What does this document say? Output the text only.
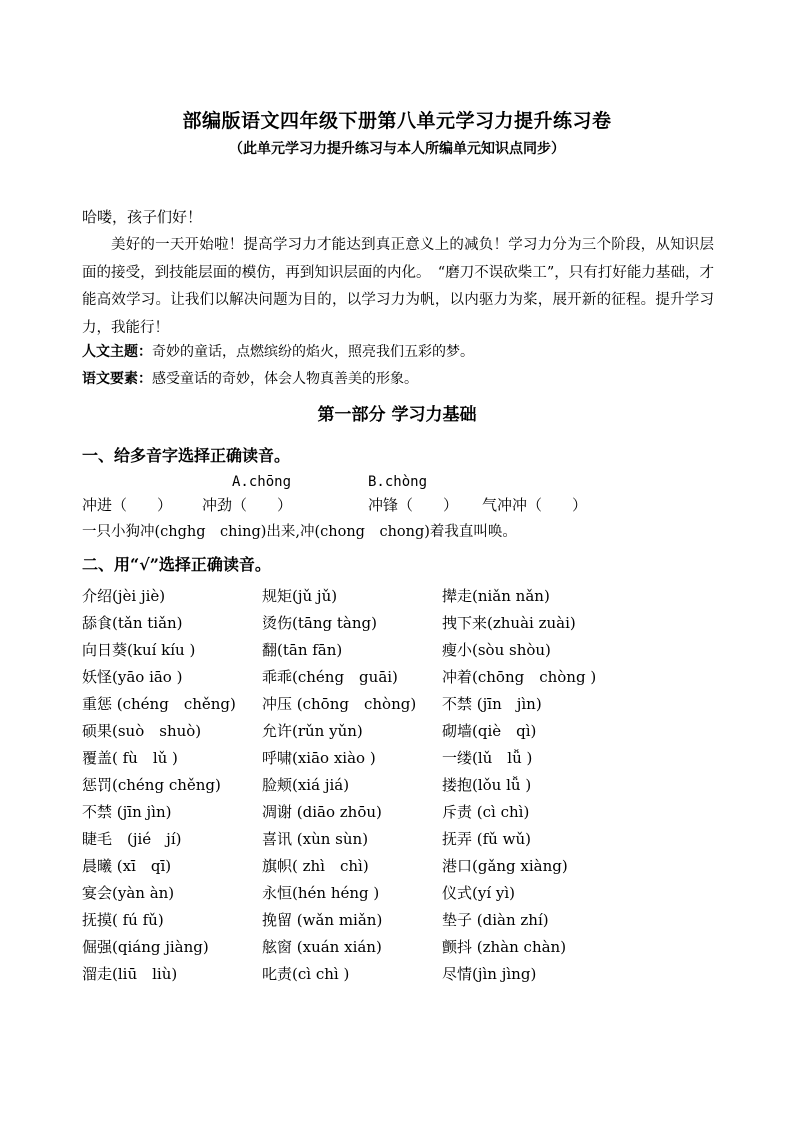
部编版语文四年级下册第八单元学习力提升练习卷
（此单元学习力提升练习与本人所编单元知识点同步）
哈喽，孩子们好！
美好的一天开始啦！提高学习力才能达到真正意义上的减负！学习力分为三个阶段，从知识层面的接受，到技能层面的模仿，再到知识层面的内化。　“磨刀不误砍柴工”，只有打好能力基础，才能高效学习。让我们以解决问题为目的，以学习力为帆，以内驱力为桨，展开新的征程。提升学习力，我能行！
人文主题：奇妙的童话，点燃缤纷的焰火，照亮我们五彩的梦。
语文要素：感受童话的奇妙，体会人物真善美的形象。
第一部分 学习力基础
一、给多音字选择正确读音。
A.chōng	B.chòng
冲进（　　） 冲劲（　　）	冲锋（　　） 气冲冲（　　）
一只小狗冲(chghg　ching)出来,冲(chong　chong)着我直叫唤。
二、用“√”选择正确读音。
介绍(jèi jiè)	规矩(jǔ jǔ)	撵走(niǎn nǎn)
舔食(tǎn tiǎn)	烫伤(tāng tàng)	拽下来(zhuài zuài)
向日葵(kuí kíu )	翻(tān fān)	瘦小(sòu shòu)
妖怪(yāo iāo )	乖乖(chéng　guāi)	冲着(chōng　chòng )
重惩 (chéng　chěng) 冲压 (chōng　chòng) 不禁 (jīn　jìn)
硕果(suò　shuò)	允许(rǔn yǔn)	砌墙(qiè　qì)
覆盖( fù　lǔ )	呼啸(xiāo xiào )	一缕(lǔ　lǚ )
惩罚(chéng chěng)	脸颊(xiá jiá)	搂抱(lǒu lǚ )
不禁 (jīn jìn)	凋谢 (diāo zhōu)	斥责 (cì chì)
睫毛　(jié　jí)	喜讯 (xùn sùn)	抚弄 (fǔ wǔ)
晨曦 (xī　qī)	旗帜( zhì　chì)	港口(gǎng xiàng)
宴会(yàn àn)	永恒(hén héng )	仪式(yí yì)
抚摸( fú fǔ)	挽留 (wǎn miǎn)	垫子 (diàn zhí)
倔强(qiáng jiàng)	舷窗 (xuán xián)	颤抖 (zhàn chàn)
溜走(liū　liù)	叱责(cì chì )	尽情(jìn jìng)
